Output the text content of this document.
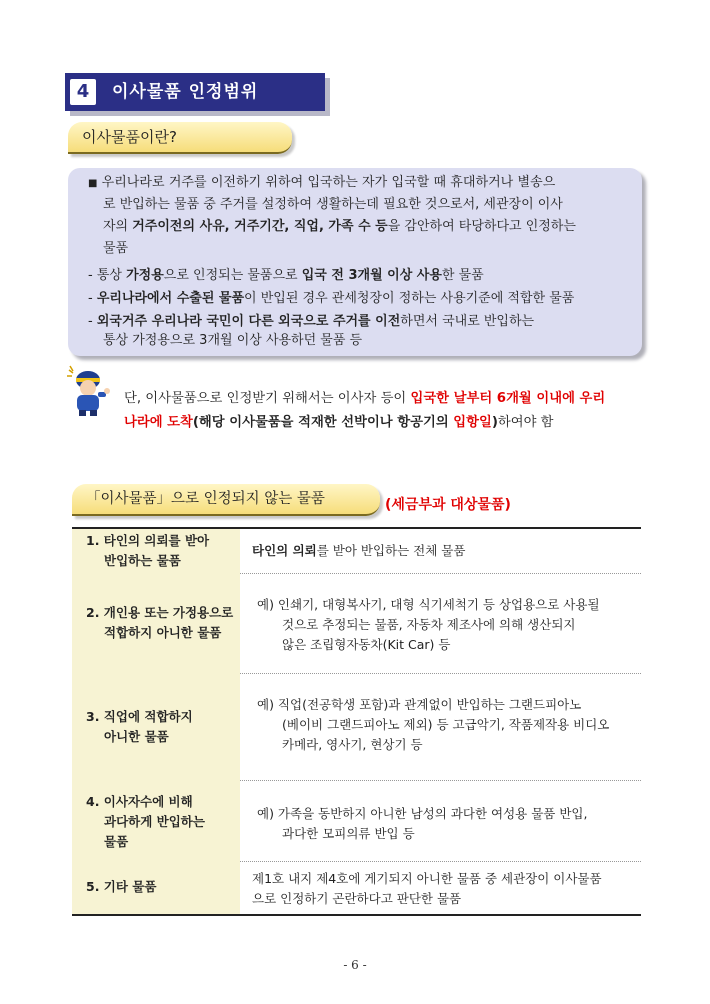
4	이사물품 인정범위
이사물품이란?
■ 우리나라로 거주를 이전하기 위하여 입국하는 자가 입국할 때 휴대하거나 별송으
로 반입하는 물품 중 주거를 설정하여 생활하는데 필요한 것으로서, 세관장이 이사
자의 거주이전의 사유, 거주기간, 직업, 가족 수 등을 감안하여 타당하다고 인정하는
물품
- 통상 가정용으로 인정되는 물품으로 입국 전 3개월 이상 사용한 물품
- 우리나라에서 수출된 물품이 반입된 경우 관세청장이 정하는 사용기준에 적합한 물품
- 외국거주 우리나라 국민이 다른 외국으로 주거를 이전하면서 국내로 반입하는
통상 가정용으로 3개월 이상 사용하던 물품 등
단, 이사물품으로 인정받기 위해서는 이사자 등이 입국한 날부터 6개월 이내에 우리
나라에 도착(해당 이사물품을 적재한 선박이나 항공기의 입항일)하여야 함
「이사물품」으로 인정되지 않는 물품	(세금부과 대상물품)
1. 타인의 의뢰를 받아
반입하는 물품
타인의 의뢰를 받아 반입하는 전체 물품
2. 개인용 또는 가정용으로
적합하지 아니한 물품
예) 인쇄기, 대형복사기, 대형 식기세척기 등 상업용으로 사용될
것으로 추정되는 물품, 자동차 제조사에 의해 생산되지
않은 조립형자동차(Kit Car) 등
3. 직업에 적합하지
아니한 물품
예) 직업(전공학생 포함)과 관계없이 반입하는 그랜드피아노
(베이비 그랜드피아노 제외) 등 고급악기, 작품제작용 비디오
카메라, 영사기, 현상기 등
4. 이사자수에 비해
과다하게 반입하는
물품
예) 가족을 동반하지 아니한 남성의 과다한 여성용 물품 반입,
과다한 모피의류 반입 등
5. 기타 물품
제1호 내지 제4호에 게기되지 아니한 물품 중 세관장이 이사물품
으로 인정하기 곤란하다고 판단한 물품
- 6 -
